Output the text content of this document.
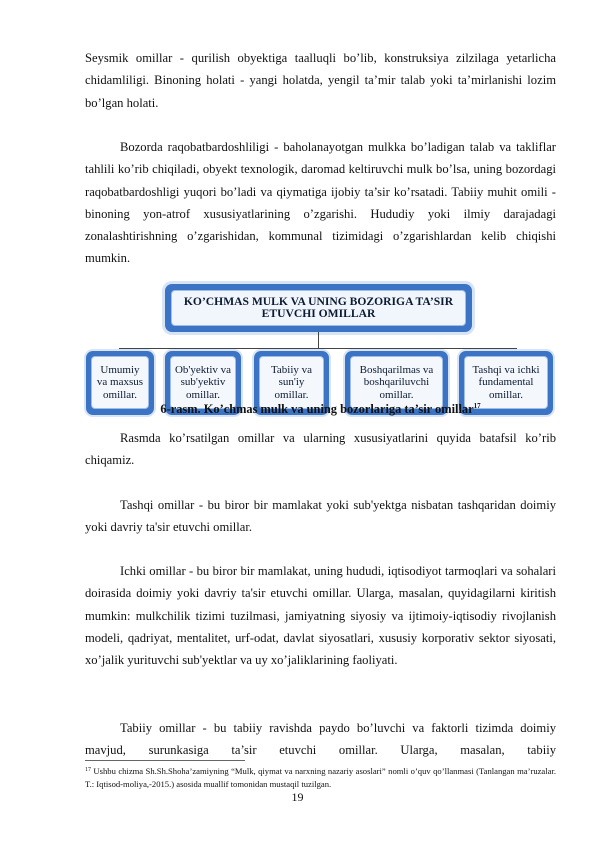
Seysmik omillar - qurilish obyektiga taalluqli bo’lib, konstruksiya zilzilaga yetarlicha chidamliligi. Binoning holati - yangi holatda, yengil ta’mir talab yoki ta’mirlanishi lozim bo’lgan holati.

Bozorda raqobatbardoshliligi - baholanayotgan mulkka bo’ladigan talab va takliflar tahlili ko’rib chiqiladi, obyekt texnologik, daromad keltiruvchi mulk bo’lsa, uning bozordagi raqobatbardoshligi yuqori bo’ladi va qiymatiga ijobiy ta’sir ko’rsatadi. Tabiiy muhit omili - binoning yon-atrof xususiyatlarining o’zgarishi. Hududiy yoki ilmiy darajadagi zonalashtirishning o’zgarishidan, kommunal tizimidagi o’zgarishlardan kelib chiqishi mumkin.

KO’CHMAS MULK VA UNING BOZORIGA TA’SIR
ETUVCHI OMILLAR
Umumiy
va maxsus
omillar.
Ob'yektiv va
sub'yektiv
omillar.
Tabiiy va
sun'iy
omillar.
Boshqarilmas va
boshqariluvchi
omillar.
Tashqi va ichki
fundamental
omillar.
6-rasm. Ko’chmas mulk va uning bozorlariga ta’sir omillar$^{17}$

Rasmda ko’rsatilgan omillar va ularning xususiyatlarini quyida batafsil ko’rib chiqamiz.

Tashqi omillar - bu biror bir mamlakat yoki sub'yektga nisbatan tashqaridan doimiy yoki davriy ta'sir etuvchi omillar.

Ichki omillar - bu biror bir mamlakat, uning hududi, iqtisodiyot tarmoqlari va sohalari doirasida doimiy yoki davriy ta'sir etuvchi omillar. Ularga, masalan, quyidagilarni kiritish mumkin: mulkchilik tizimi tuzilmasi, jamiyatning siyosiy va ijtimoiy-iqtisodiy rivojlanish modeli, qadriyat, mentalitet, urf-odat, davlat siyosatlari, xususiy korporativ sektor siyosati, xo’jalik yurituvchi sub'yektlar va uy xo’jaliklarining faoliyati.

Tabiiy omillar - bu tabiiy ravishda paydo bo’luvchi va faktorli tizimda doimiy mavjud, surunkasiga ta’sir etuvchi omillar. Ularga, masalan, tabiiy

$^{17}$ Ushbu chizma Sh.Sh.Shoha’zamiyning “Mulk, qiymat va narxning nazariy asoslari” nomli o’quv qo’llanmasi (Tanlangan ma’ruzalar. T.: Iqtisod-moliya,-2015.) asosida muallif tomonidan mustaqil tuzilgan.

19
